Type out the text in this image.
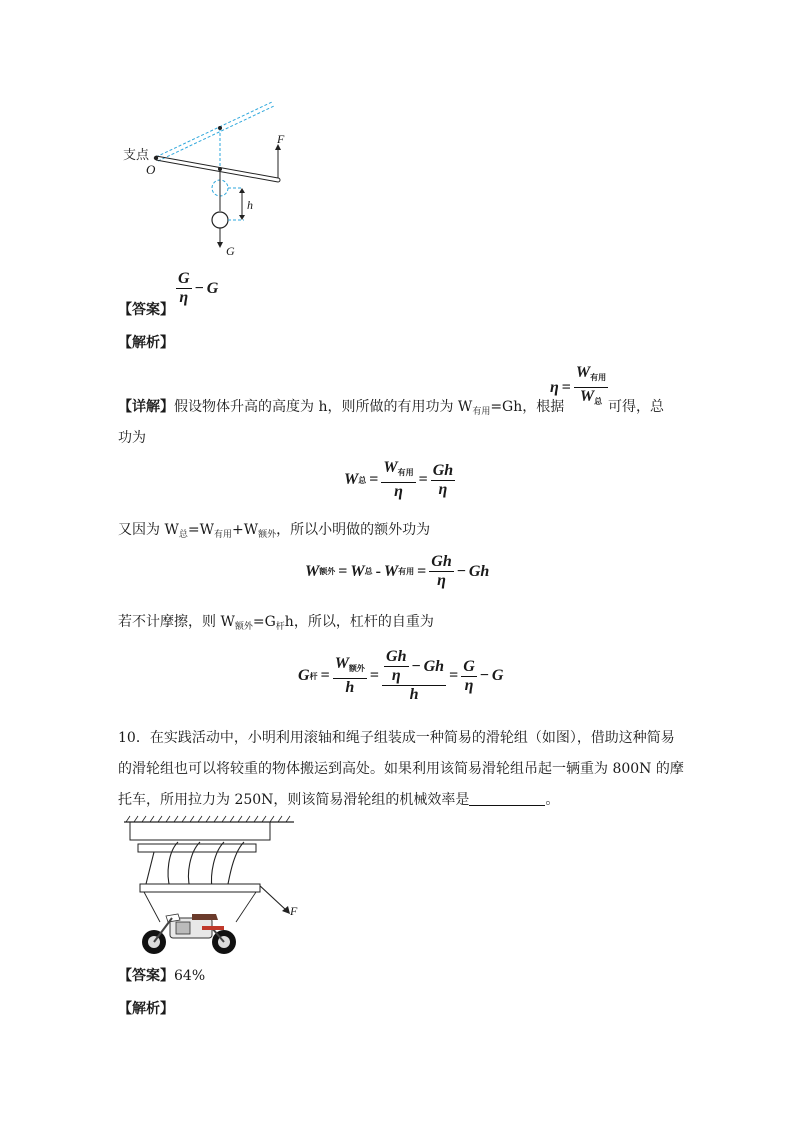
支点
O
F
h
G
【答案】
$\frac{G}{\eta} - G$
【解析】
【详解】假设物体升高的高度为 h，则所做的有用功为 $W_{有用}=Gh$，根据
$\eta = \frac{W_{有用}}{W_总}$ 可得，总
功为
W 总 = $\frac{W_{有用}}{\eta} = \frac{Gh}{\eta}$
又因为 $W_总=W_{有用}+W_{额外}$，所以小明做的额外功为
W 额外 = W 总 - W 有用 = $\frac{Gh}{\eta} - Gh$
若不计摩擦，则 $W_{额外}=G_杆h$，所以，杠杆的自重为
G 杆 = $\frac{W_{额外}}{h} = \frac{\frac{Gh}{\eta} - Gh}{h} = \frac{G}{\eta} - G$
10．在实践活动中，小明利用滚轴和绳子组装成一种简易的滑轮组（如图），借助这种简易
的滑轮组也可以将较重的物体搬运到高处。如果利用该简易滑轮组吊起一辆重为 800N 的摩
托车，所用拉力为 250N，则该简易滑轮组的机械效率是	。
F
【答案】64%
【解析】
